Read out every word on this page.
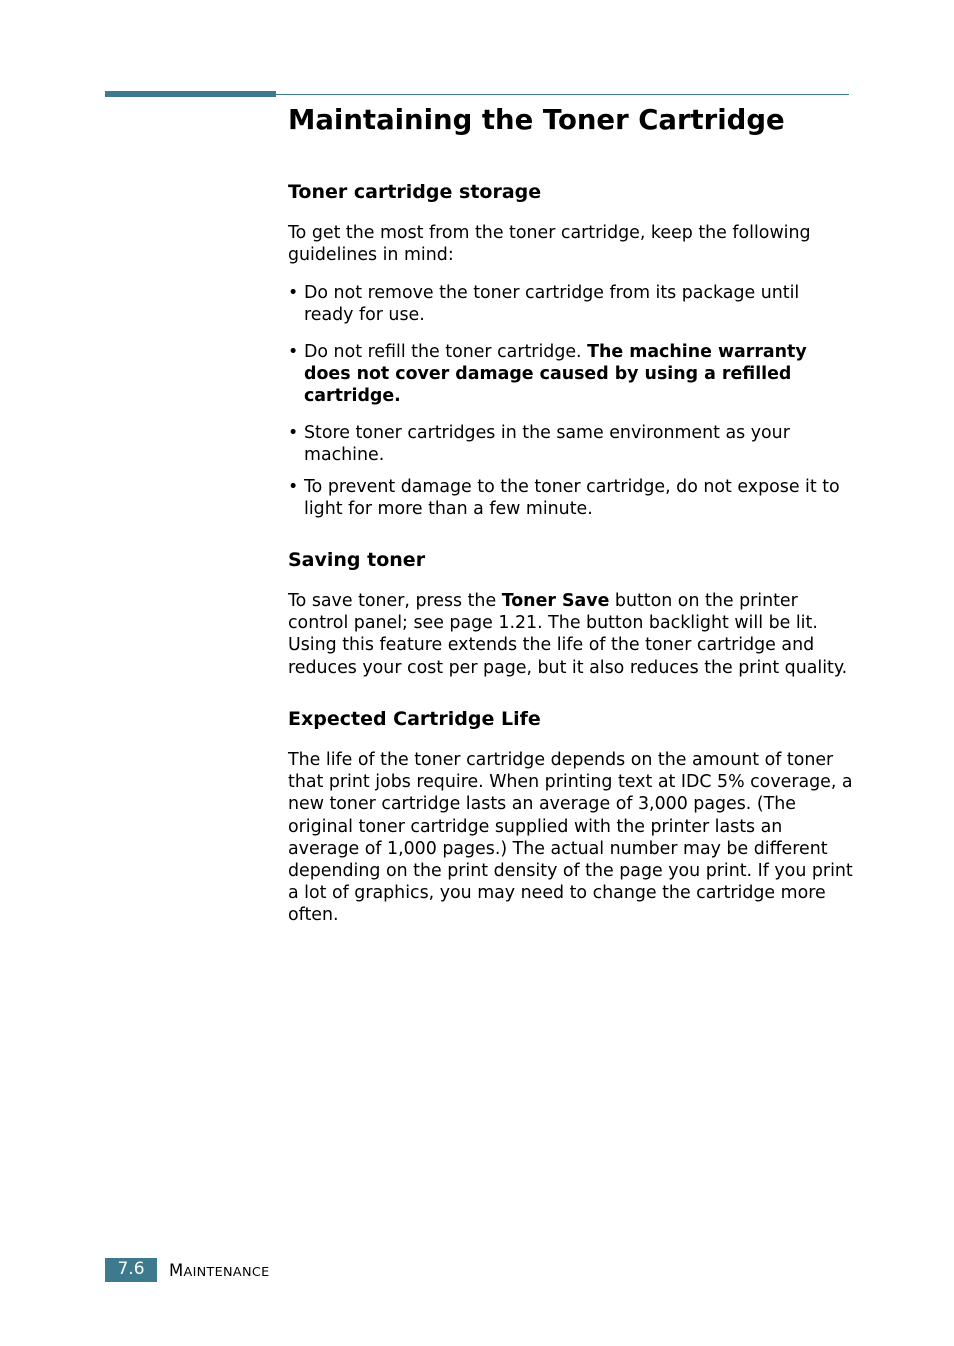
Maintaining the Toner Cartridge
Toner cartridge storage

To get the most from the toner cartridge, keep the following guidelines in mind:

• Do not remove the toner cartridge from its package until ready for use.
• Do not refill the toner cartridge. The machine warranty does not cover damage caused by using a refilled cartridge.
• Store toner cartridges in the same environment as your machine.
• To prevent damage to the toner cartridge, do not expose it to light for more than a few minute.
Saving toner

To save toner, press the Toner Save button on the printer control panel; see page 1.21. The button backlight will be lit. Using this feature extends the life of the toner cartridge and reduces your cost per page, but it also reduces the print quality.

Expected Cartridge Life

The life of the toner cartridge depends on the amount of toner that print jobs require. When printing text at IDC 5% coverage, a new toner cartridge lasts an average of 3,000 pages. (The original toner cartridge supplied with the printer lasts an average of 1,000 pages.) The actual number may be different depending on the print density of the page you print. If you print a lot of graphics, you may need to change the cartridge more often.

7.6	MAINTENANCE
